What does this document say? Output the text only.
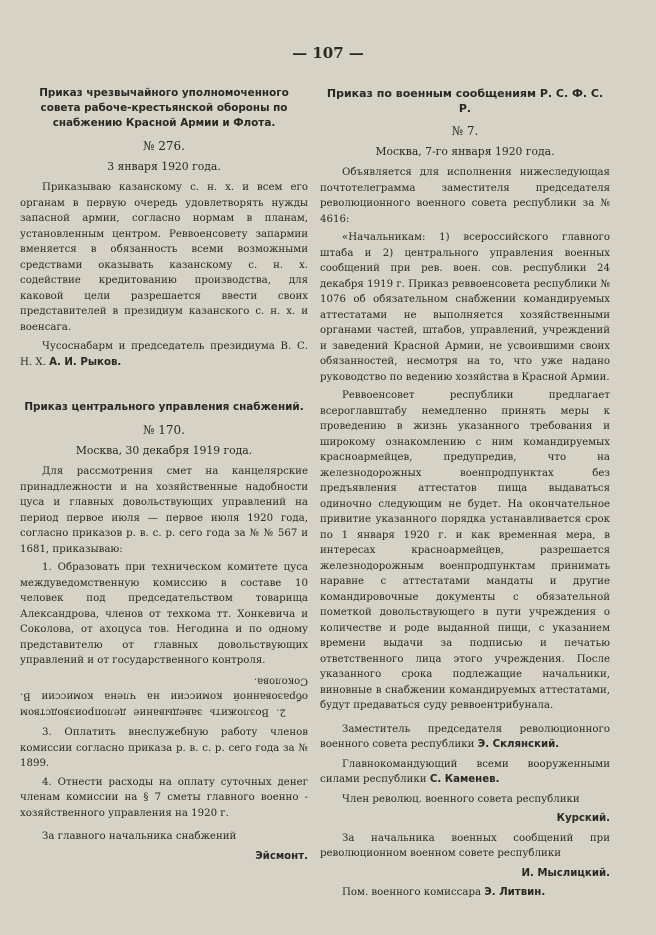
— 107 —
Приказ чрезвычайного уполномоченного совета рабоче-крестьянской обороны по снабжению Красной Армии и Флота.
№ 276.
3 января 1920 года.

Приказываю казанскому с. н. х. и всем его органам в первую очередь удовлетворять нужды запасной армии, согласно нормам в планам, установленным центром. Реввоенсовету запармии вменяется в обязанность всеми возможными средствами оказывать казанскому с. н. х. содействие кредитованию производства, для каковой цели разрешается ввести своих представителей в президиум казанского с. н. х. и военсага.

Чусоснабарм и председатель президиума В. С. Н. Х. А. И. Рыков.

Приказ центрального управления снабжений.
№ 170.
Москва, 30 декабря 1919 года.

Для рассмотрения смет на канцелярские принадлежности и на хозяйственные надобности цуса и главных довольствующих управлений на период первое июля — первое июля 1920 года, согласно приказов р. в. с. р. сего года за № № 567 и 1681, приказываю:

1. Образовать при техническом комитете цуса междуведомственную комиссию в составе 10 человек под председательством товарища Александрова, членов от техкома тт. Хонкевича и Соколова, от ахоцуса тов. Негодина и по одному представителю от главных довольствующих управлений и от государственного контроля.

2. Возложить заведывание делопроизводством образованной комиссии на члена комиссии В. Соколова.

3. Оплатить внеслужебную работу членов комиссии согласно приказа р. в. с. р. сего года за № 1899.

4. Отнести расходы на оплату суточных денег членам комиссии на § 7 сметы главного военно - хозяйственного управления на 1920 г.

За главного начальника снабжений

Эйсмонт.
Приказ по военным сообщениям Р. С. Ф. С. Р.
№ 7.
Москва, 7-го января 1920 года.

Объявляется для исполнения нижеследующая почтотелеграмма заместителя председателя революционного военного совета республики за № 4616:

«Начальникам: 1) всероссийского главного штаба и 2) центрального управления военных сообщений при рев. воен. сов. республики 24 декабря 1919 г. Приказ реввоенсовета республики № 1076 об обязательном снабжении командируемых аттестатами не выполняется хозяйственными органами частей, штабов, управлений, учреждений и заведений Красной Армии, не усвоившими своих обязанностей, несмотря на то, что уже надано руководство по ведению хозяйства в Красной Армии.

Реввоенсовет республики предлагает всероглавштабу немедленно принять меры к проведению в жизнь указанного требования и широкому ознакомлению с ним командируемых красноармейцев, предупредив, что на железнодорожных военпродпунктах без предъявления аттестатов пища выдаваться одиночно следующим не будет. На окончательное привитие указанного порядка устанавливается срок по 1 января 1920 г. и как временная мера, в интересах красноармейцев, разрешается железнодорожным военпродпунктам принимать наравне с аттестатами мандаты и другие командировочные документы с обязательной пометкой довольствующего в пути учреждения о количестве и роде выданной пищи, с указанием времени выдачи за подписью и печатью ответственного лица этого учреждения. После указанного срока подлежащие начальники, виновные в снабжении командируемых аттестатами, будут предаваться суду реввоентрибунала.

Заместитель председателя революционного военного совета республики Э. Склянский.

Главнокомандующий всеми вооруженными силами республики С. Каменев.

Член революц. военного совета республики

Курский.

За начальника военных сообщений при революционном военном совете республики

И. Мыслицкий.

Пом. военного комиссара Э. Литвин.
